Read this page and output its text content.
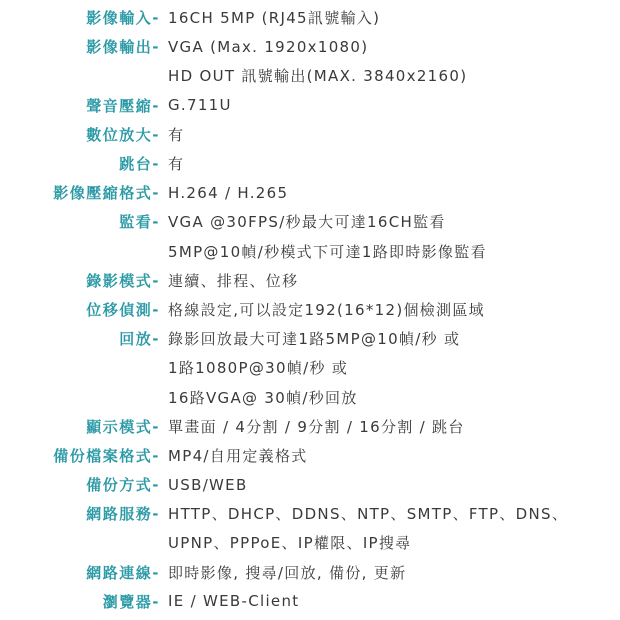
影像輸入- 16CH 5MP (RJ45訊號輸入)
影像輸出- VGA (Max. 1920x1080)
HD OUT 訊號輸出(MAX. 3840x2160)
聲音壓縮- G.711U
數位放大- 有
跳台- 有
影像壓縮格式- H.264 / H.265
監看- VGA @30FPS/秒最大可達16CH監看
5MP@10幀/秒模式下可達1路即時影像監看
錄影模式- 連續、排程、位移
位移偵測- 格線設定,可以設定192(16*12)個檢測區域
回放- 錄影回放最大可達1路5MP@10幀/秒 或
1路1080P@30幀/秒 或
16路VGA@ 30幀/秒回放
顯示模式- 單畫面 / 4分割 / 9分割 / 16分割 / 跳台
備份檔案格式- MP4/自用定義格式
備份方式- USB/WEB
網路服務- HTTP、DHCP、DDNS、NTP、SMTP、FTP、DNS、
UPNP、PPPoE、IP權限、IP搜尋
網路連線- 即時影像, 搜尋/回放, 備份, 更新
瀏覽器- IE / WEB-Client
